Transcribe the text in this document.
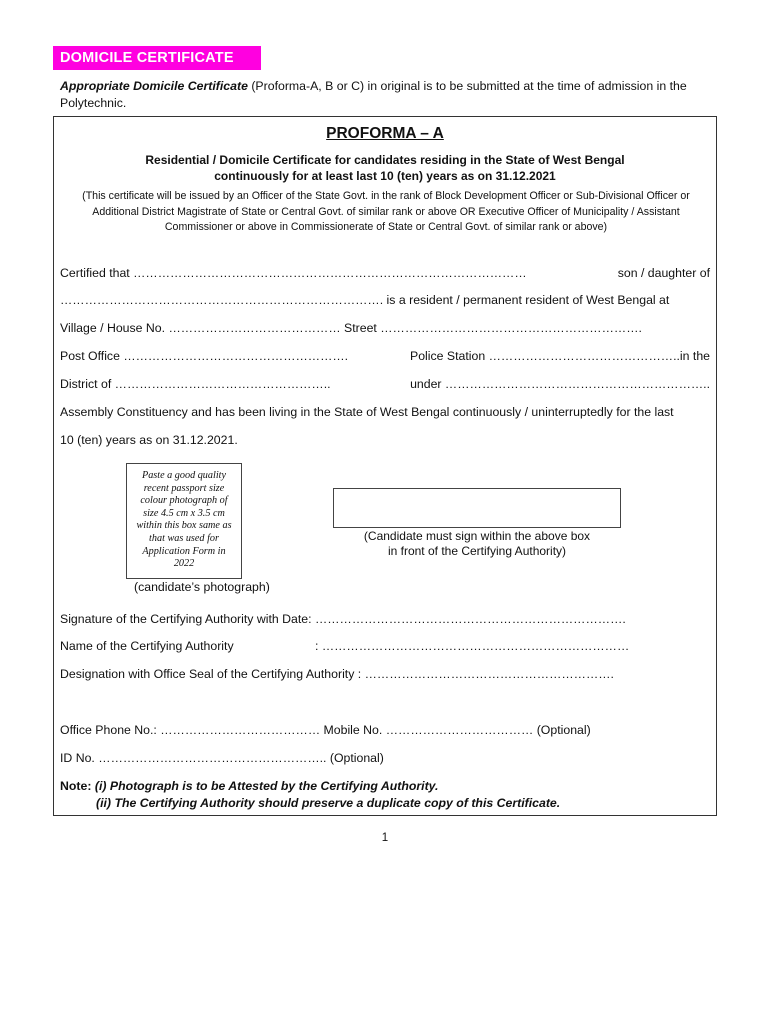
DOMICILE CERTIFICATE
Appropriate Domicile Certificate (Proforma-A, B or C) in original is to be submitted at the time of admission in the Polytechnic.
PROFORMA – A
Residential / Domicile Certificate for candidates residing in the State of West Bengal
continuously for at least last 10 (ten) years as on 31.12.2021
(This certificate will be issued by an Officer of the State Govt. in the rank of Block Development Officer or Sub-Divisional Officer or Additional District Magistrate of State or Central Govt. of similar rank or above OR Executive Officer of Municipality / Assistant Commissioner or above in Commissionerate of State or Central Govt. of similar rank or above)
Certified that ……………………………………………………………………………………	son / daughter of
……………………………………………………………………. is a resident / permanent resident of West Bengal at
Village / House No. …………………………………… Street ……………………………………………………….
Post Office ……………………………………………….	Police Station ………………………………………..in the
District of ……………………………………………..	under ………………………………………………………..
Assembly Constituency and has been living in the State of West Bengal continuously / uninterruptedly for the last
10 (ten) years as on 31.12.2021.
Paste a good quality recent passport size colour photograph of size 4.5 cm x 3.5 cm within this box same as that was used for Application Form in 2022
(candidate’s photograph)
(Candidate must sign within the above box
in front of the Certifying Authority)
Signature of the Certifying Authority with Date: ………………………………………………………………….
Name of the Certifying Authority	: …………………………………………………………………
Designation with Office Seal of the Certifying Authority : …………………………………………………….
Office Phone No.: ………………………………… Mobile No. ……………………………… (Optional)
ID No. ……………………………………………….. (Optional)
Note: (i) Photograph is to be Attested by the Certifying Authority.
(ii) The Certifying Authority should preserve a duplicate copy of this Certificate.
1
